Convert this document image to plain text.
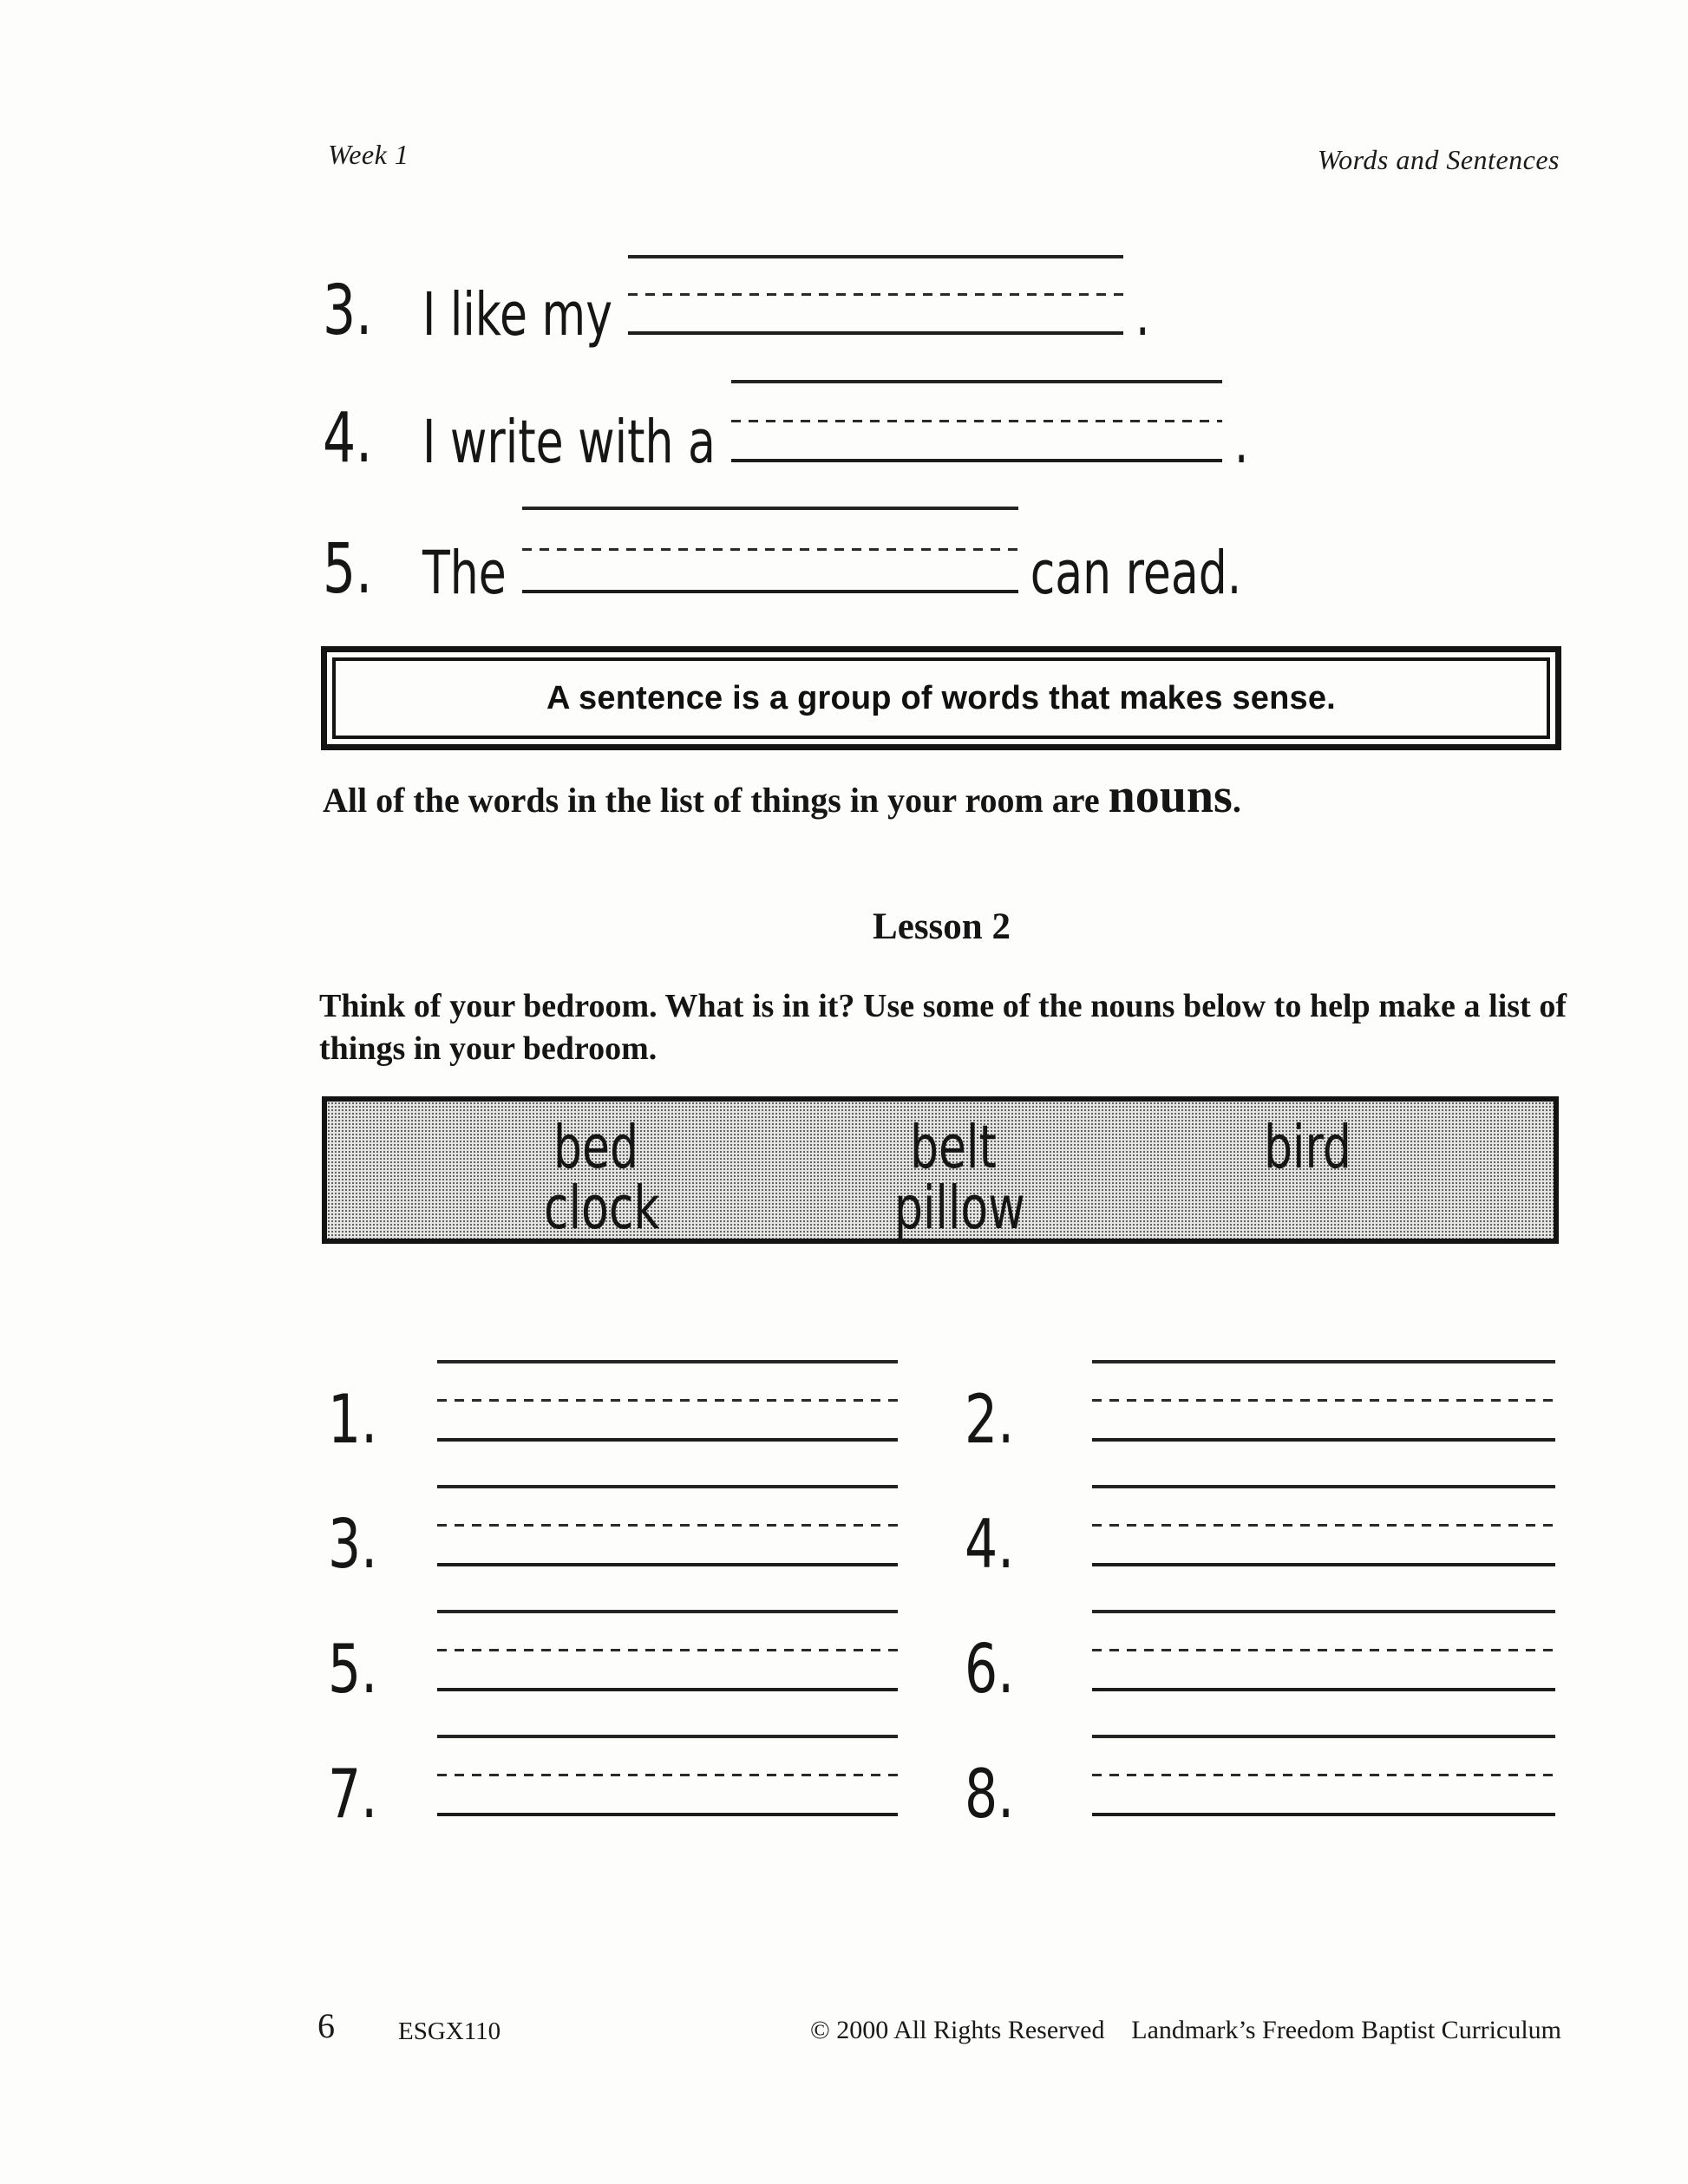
Week 1	Words and Sentences
3.	I like my	.
4.	I write with a	.
5.	The	can read.
A sentence is a group of words that makes sense.
All of the words in the list of things in your room are nouns.
Lesson 2
Think of your bedroom. What is in it? Use some of the nouns below to help make a list of things in your bedroom.
bed	belt	bird
clock	pillow
1.	2.
3.	4.
5.	6.
7.	8.
6	ESGX110	© 2000 All Rights Reserved Landmark’s Freedom Baptist Curriculum
